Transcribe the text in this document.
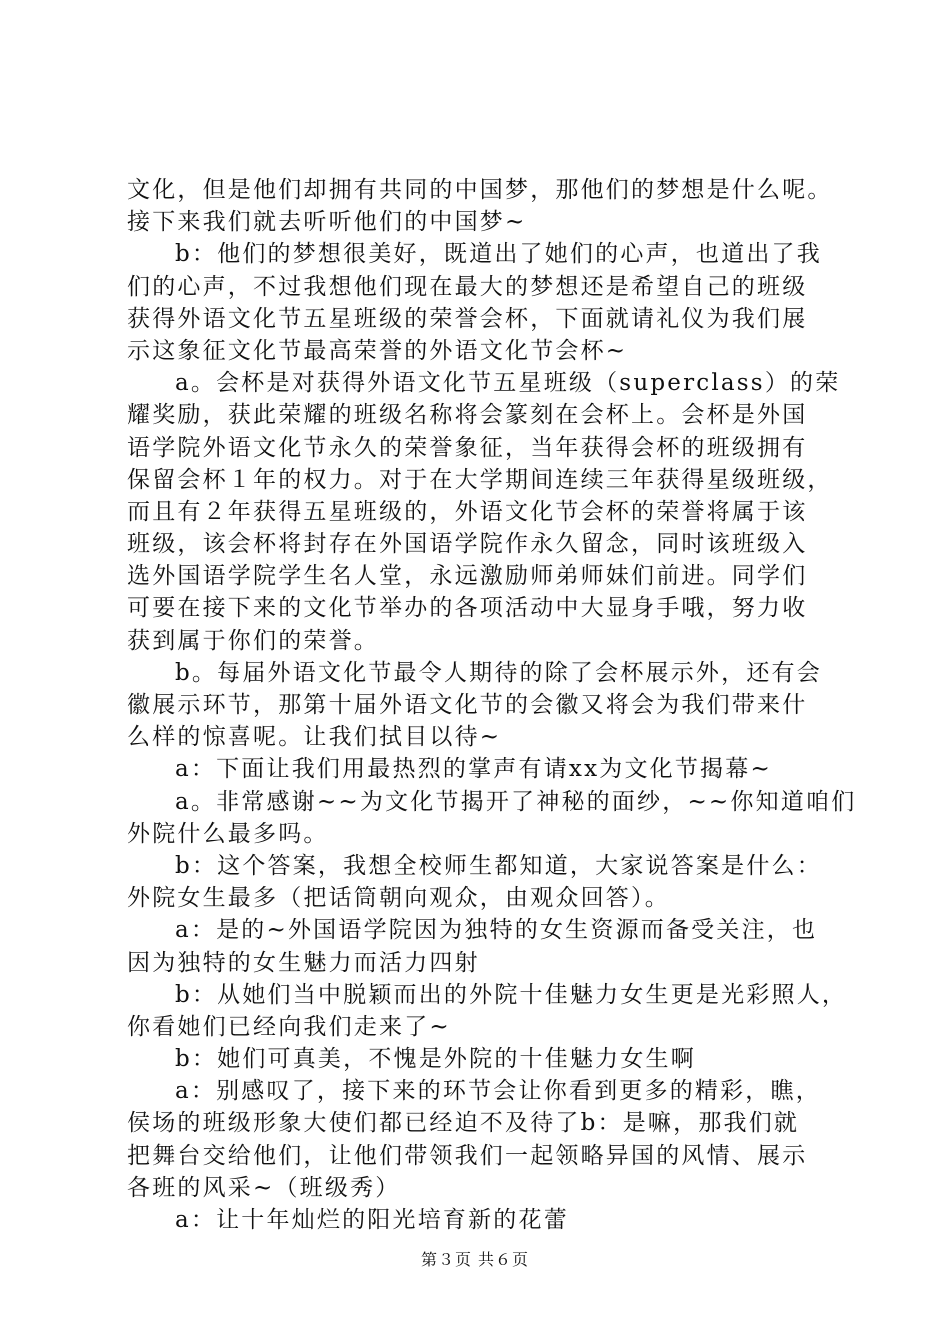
文化，但是他们却拥有共同的中国梦，那他们的梦想是什么呢。
接下来我们就去听听他们的中国梦~
b：他们的梦想很美好，既道出了她们的心声，也道出了我
们的心声，不过我想他们现在最大的梦想还是希望自己的班级
获得外语文化节五星班级的荣誉会杯，下面就请礼仪为我们展
示这象征文化节最高荣誉的外语文化节会杯~
a。会杯是对获得外语文化节五星班级（superclass）的荣
耀奖励，获此荣耀的班级名称将会篆刻在会杯上。会杯是外国
语学院外语文化节永久的荣誉象征，当年获得会杯的班级拥有
保留会杯１年的权力。对于在大学期间连续三年获得星级班级，
而且有２年获得五星班级的，外语文化节会杯的荣誉将属于该
班级，该会杯将封存在外国语学院作永久留念，同时该班级入
选外国语学院学生名人堂，永远激励师弟师妹们前进。同学们
可要在接下来的文化节举办的各项活动中大显身手哦，努力收
获到属于你们的荣誉。
b。每届外语文化节最令人期待的除了会杯展示外，还有会
徽展示环节，那第十届外语文化节的会徽又将会为我们带来什
么样的惊喜呢。让我们拭目以待~
a：下面让我们用最热烈的掌声有请xx为文化节揭幕~
a。非常感谢~~为文化节揭开了神秘的面纱，~~你知道咱们
外院什么最多吗。
b：这个答案，我想全校师生都知道，大家说答案是什么：
外院女生最多（把话筒朝向观众，由观众回答）。
a：是的~外国语学院因为独特的女生资源而备受关注，也
因为独特的女生魅力而活力四射
b：从她们当中脱颖而出的外院十佳魅力女生更是光彩照人，
你看她们已经向我们走来了~
b：她们可真美，不愧是外院的十佳魅力女生啊
a：别感叹了，接下来的环节会让你看到更多的精彩，瞧，
侯场的班级形象大使们都已经迫不及待了b：是嘛，那我们就
把舞台交给他们，让他们带领我们一起领略异国的风情、展示
各班的风采~（班级秀）
a：让十年灿烂的阳光培育新的花蕾
第３页 共６页
